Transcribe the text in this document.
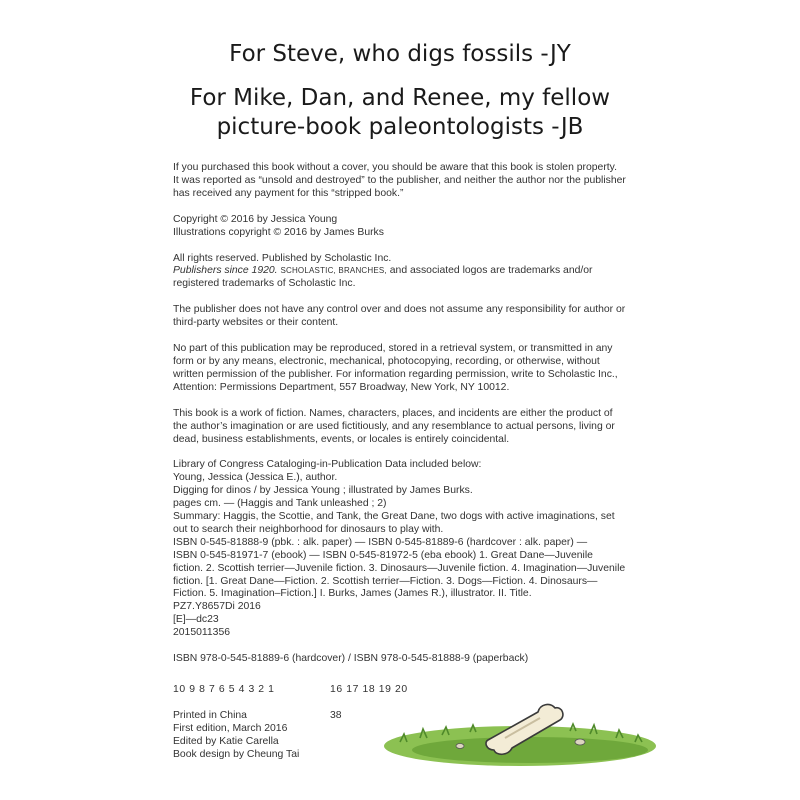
For Steve, who digs fossils -JY
For Mike, Dan, and Renee, my fellow
picture-book paleontologists -JB

If you purchased this book without a cover, you should be aware that this book is stolen property.

It was reported as “unsold and destroyed” to the publisher, and neither the author nor the publisher

has received any payment for this “stripped book.”

Copyright © 2016 by Jessica Young

Illustrations copyright © 2016 by James Burks

All rights reserved. Published by Scholastic Inc.

Publishers since 1920. SCHOLASTIC, BRANCHES, and associated logos are trademarks and/or

registered trademarks of Scholastic Inc.

The publisher does not have any control over and does not assume any responsibility for author or

third-party websites or their content.

No part of this publication may be reproduced, stored in a retrieval system, or transmitted in any

form or by any means, electronic, mechanical, photocopying, recording, or otherwise, without

written permission of the publisher. For information regarding permission, write to Scholastic Inc.,

Attention: Permissions Department, 557 Broadway, New York, NY 10012.

This book is a work of fiction. Names, characters, places, and incidents are either the product of

the author’s imagination or are used fictitiously, and any resemblance to actual persons, living or

dead, business establishments, events, or locales is entirely coincidental.

Library of Congress Cataloging-in-Publication Data included below:

Young, Jessica (Jessica E.), author.

Digging for dinos / by Jessica Young ; illustrated by James Burks.

pages cm. — (Haggis and Tank unleashed ; 2)

Summary: Haggis, the Scottie, and Tank, the Great Dane, two dogs with active imaginations, set

out to search their neighborhood for dinosaurs to play with.

ISBN 0-545-81888-9 (pbk. : alk. paper) — ISBN 0-545-81889-6 (hardcover : alk. paper) —

ISBN 0-545-81971-7 (ebook) — ISBN 0-545-81972-5 (eba ebook) 1. Great Dane—Juvenile

fiction. 2. Scottish terrier—Juvenile fiction. 3. Dinosaurs—Juvenile fiction. 4. Imagination—Juvenile

fiction. [1. Great Dane—Fiction. 2. Scottish terrier—Fiction. 3. Dogs—Fiction. 4. Dinosaurs—

Fiction. 5. Imagination–Fiction.] I. Burks, James (James R.), illustrator. II. Title.

PZ7.Y8657Di 2016

[E]—dc23

2015011356

ISBN 978-0-545-81889-6 (hardcover) / ISBN 978-0-545-81888-9 (paperback)

10 9 8 7 6 5 4 3 2 1	16 17 18 19 20

Printed in China

First edition, March 2016

Edited by Katie Carella

Book design by Cheung Tai

38
